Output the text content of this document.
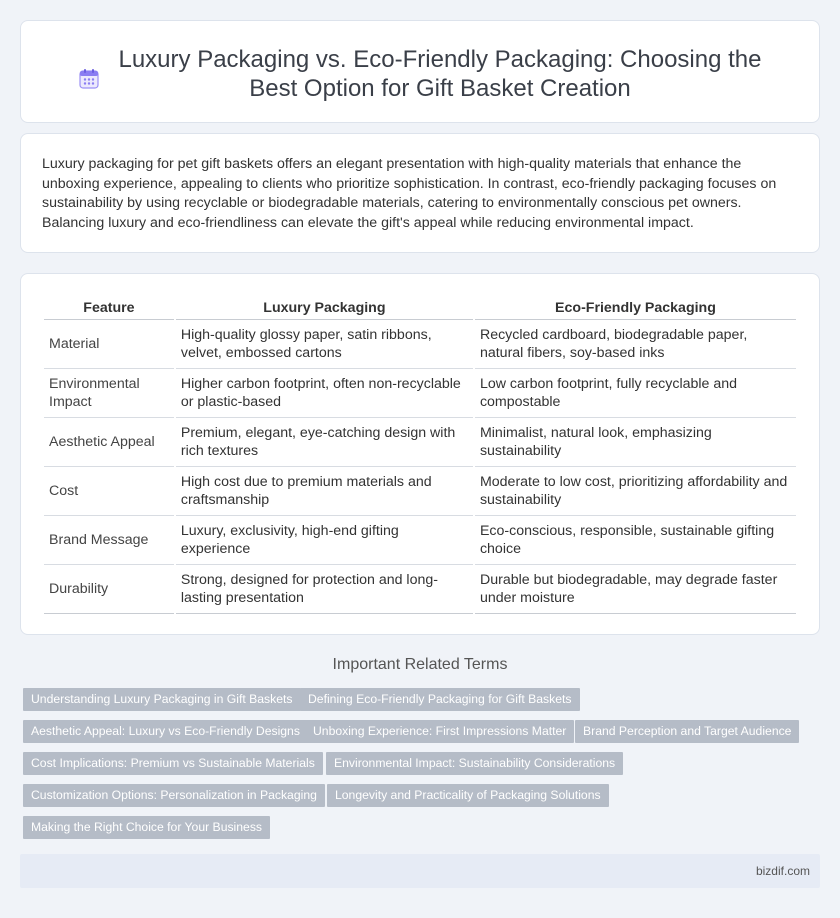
Luxury Packaging vs. Eco-Friendly Packaging: Choosing the Best Option for Gift Basket Creation

Luxury packaging for pet gift baskets offers an elegant presentation with high-quality materials that enhance the unboxing experience, appealing to clients who prioritize sophistication. In contrast, eco-friendly packaging focuses on sustainability by using recyclable or biodegradable materials, catering to environmentally conscious pet owners. Balancing luxury and eco-friendliness can elevate the gift's appeal while reducing environmental impact.

Feature	Luxury Packaging	Eco-Friendly Packaging
Material	High-quality glossy paper, satin ribbons, velvet, embossed cartons	Recycled cardboard, biodegradable paper, natural fibers, soy-based inks
Environmental Impact	Higher carbon footprint, often non-recyclable or plastic-based	Low carbon footprint, fully recyclable and compostable
Aesthetic Appeal	Premium, elegant, eye-catching design with rich textures	Minimalist, natural look, emphasizing sustainability
Cost	High cost due to premium materials and craftsmanship	Moderate to low cost, prioritizing affordability and sustainability
Brand Message	Luxury, exclusivity, high-end gifting experience	Eco-conscious, responsible, sustainable gifting choice
Durability	Strong, designed for protection and long-lasting presentation	Durable but biodegradable, may degrade faster under moisture
Important Related Terms
Understanding Luxury Packaging in Gift Baskets	Defining Eco-Friendly Packaging for Gift Baskets
Aesthetic Appeal: Luxury vs Eco-Friendly Designs	Unboxing Experience: First Impressions Matter	Brand Perception and Target Audience
Cost Implications: Premium vs Sustainable Materials	Environmental Impact: Sustainability Considerations
Customization Options: Personalization in Packaging	Longevity and Practicality of Packaging Solutions
Making the Right Choice for Your Business
bizdif.com
